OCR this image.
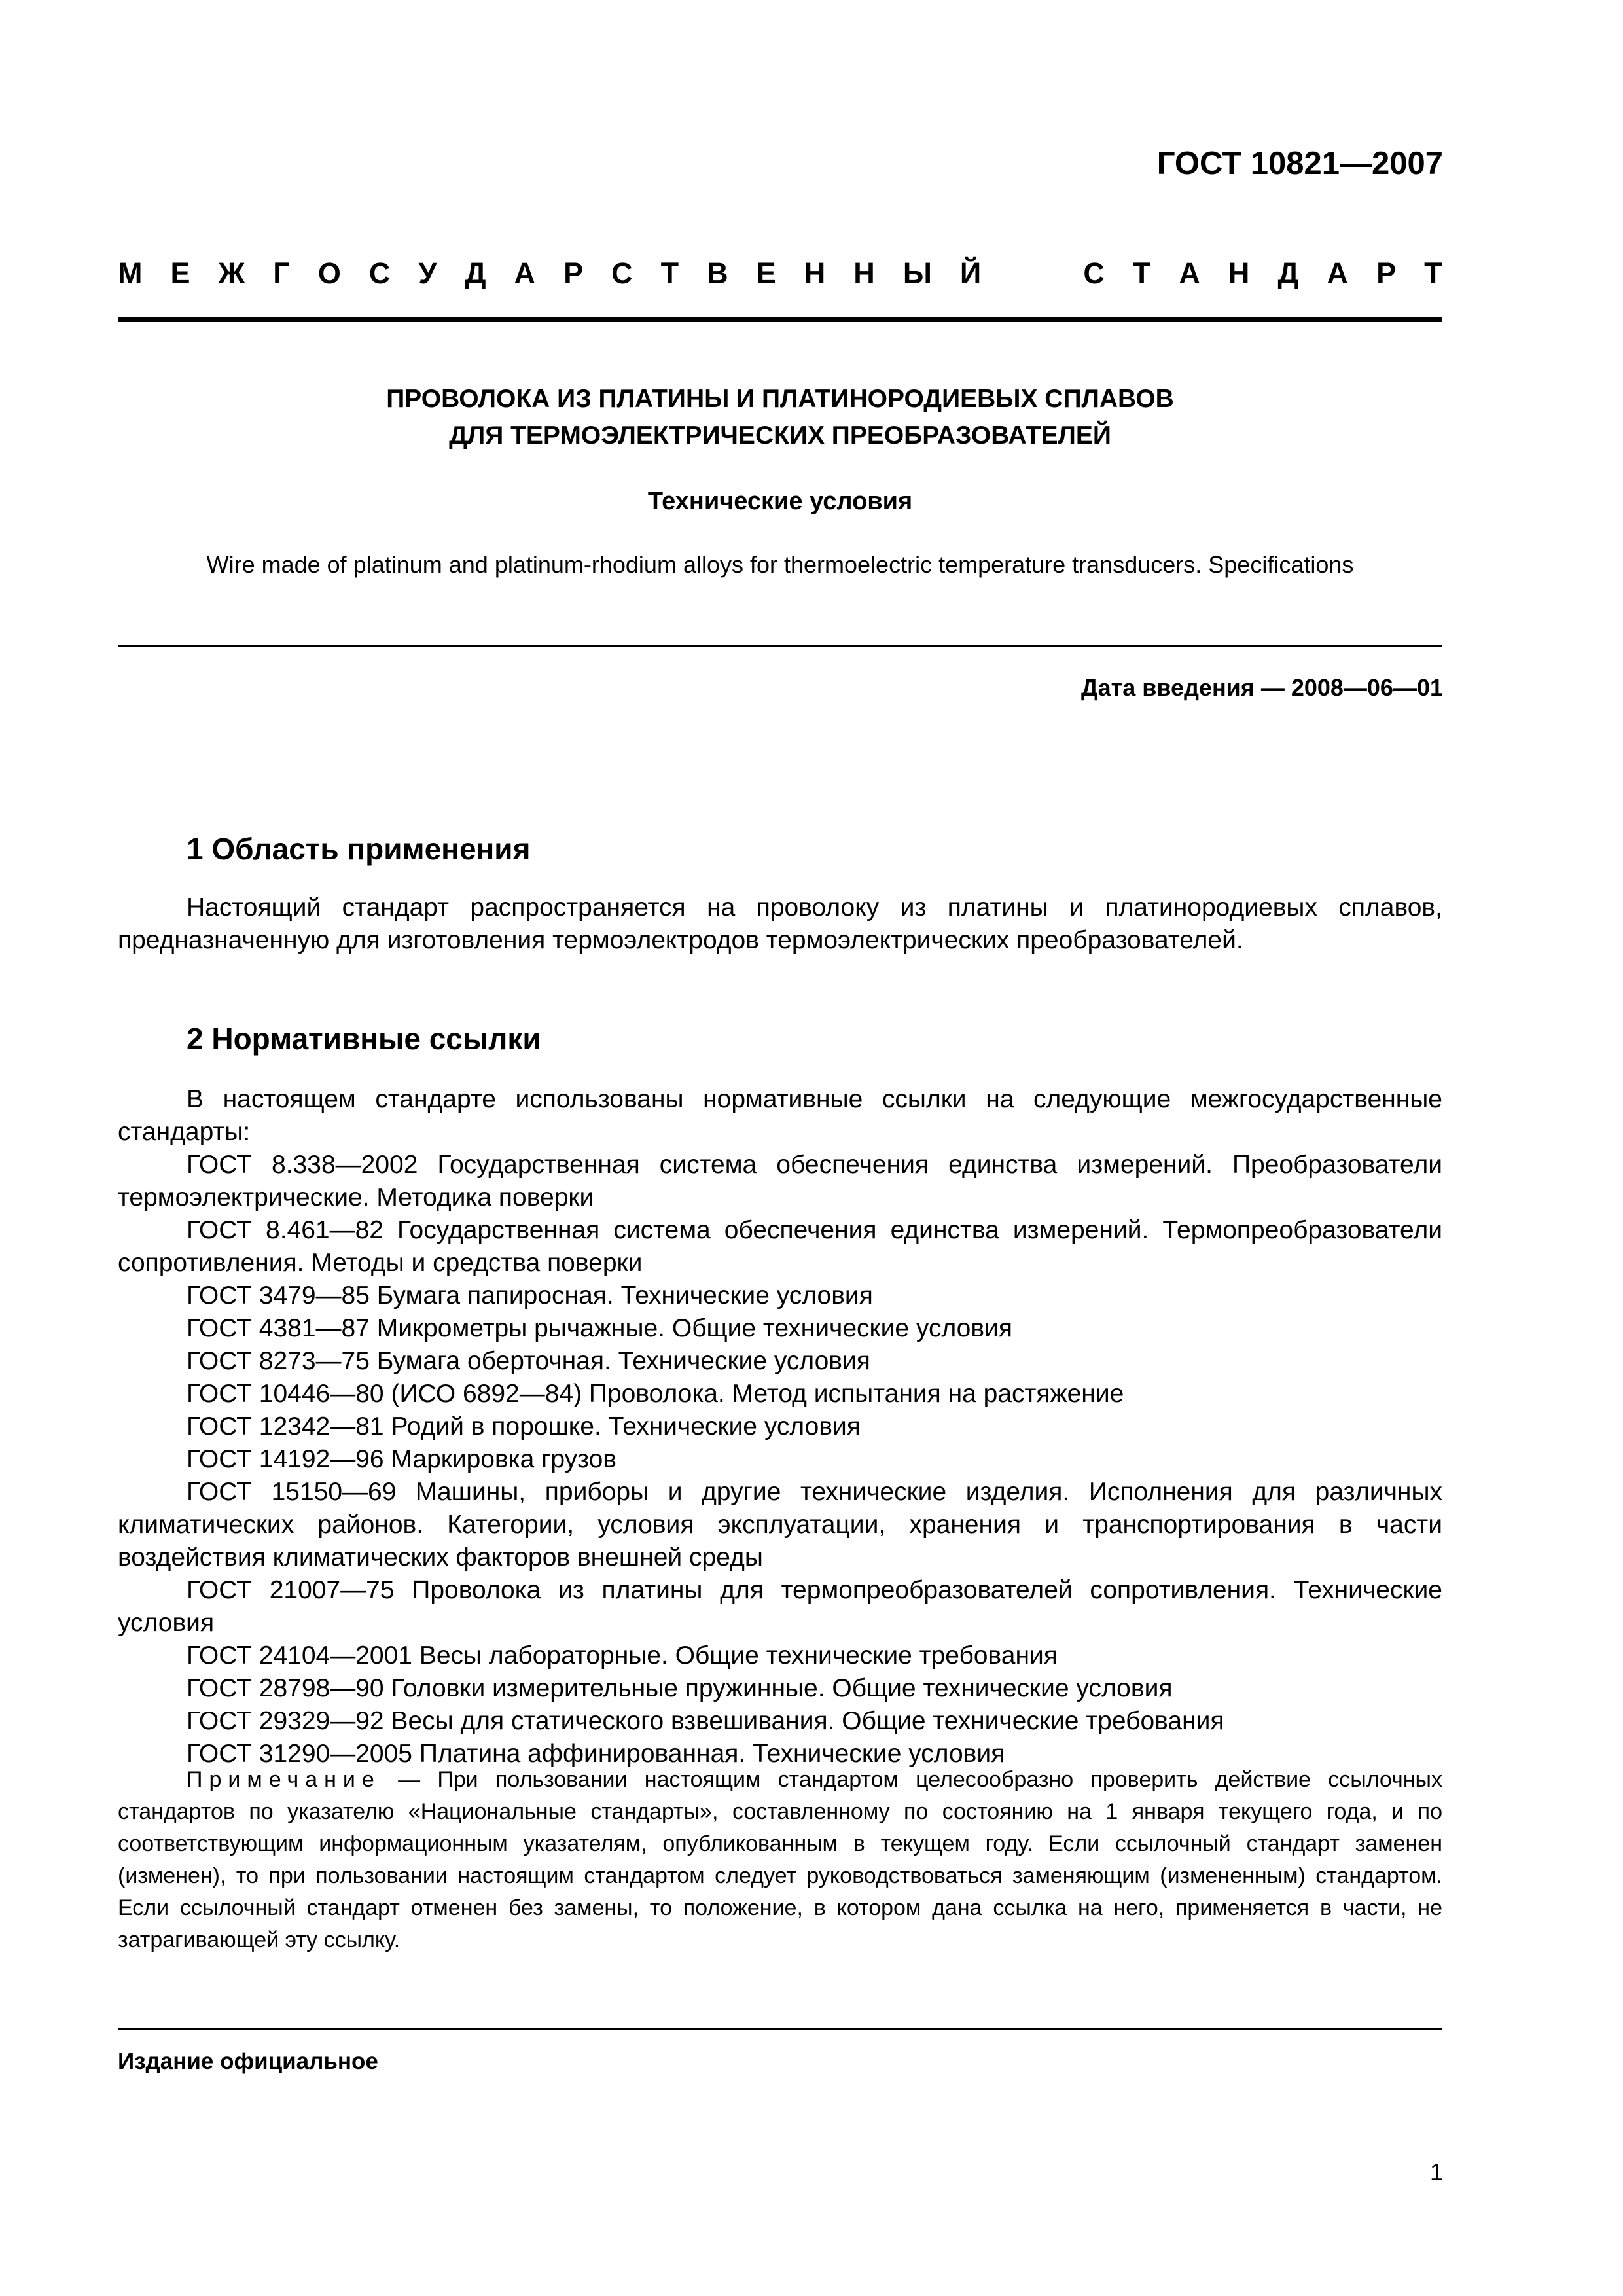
ГОСТ 10821—2007
М Е Ж Г О С У Д А Р С Т В Е Н Н Ы Й	С Т А Н Д А Р Т
ПРОВОЛОКА ИЗ ПЛАТИНЫ И ПЛАТИНОРОДИЕВЫХ СПЛАВОВ
ДЛЯ ТЕРМОЭЛЕКТРИЧЕСКИХ ПРЕОБРАЗОВАТЕЛЕЙ
Технические условия
Wire made of platinum and platinum-rhodium alloys for thermoelectric temperature transducers. Specifications
Дата введения — 2008—06—01
1 Область применения

Настоящий стандарт распространяется на проволоку из платины и платинородиевых сплавов, предназначенную для изготовления термоэлектродов термоэлектрических преобразователей.

2 Нормативные ссылки

В настоящем стандарте использованы нормативные ссылки на следующие межгосударственные стандарты:

ГОСТ 8.338—2002 Государственная система обеспечения единства измерений. Преобразователи термоэлектрические. Методика поверки

ГОСТ 8.461—82 Государственная система обеспечения единства измерений. Термопреобразователи сопротивления. Методы и средства поверки

ГОСТ 3479—85 Бумага папиросная. Технические условия

ГОСТ 4381—87 Микрометры рычажные. Общие технические условия

ГОСТ 8273—75 Бумага оберточная. Технические условия

ГОСТ 10446—80 (ИСО 6892—84) Проволока. Метод испытания на растяжение

ГОСТ 12342—81 Родий в порошке. Технические условия

ГОСТ 14192—96 Маркировка грузов

ГОСТ 15150—69 Машины, приборы и другие технические изделия. Исполнения для различных климатических районов. Категории, условия эксплуатации, хранения и транспортирования в части воздействия климатических факторов внешней среды

ГОСТ 21007—75 Проволока из платины для термопреобразователей сопротивления. Технические условия

ГОСТ 24104—2001 Весы лабораторные. Общие технические требования

ГОСТ 28798—90 Головки измерительные пружинные. Общие технические условия

ГОСТ 29329—92 Весы для статического взвешивания. Общие технические требования

ГОСТ 31290—2005 Платина аффинированная. Технические условия

Примечание — При пользовании настоящим стандартом целесообразно проверить действие ссылочных стандартов по указателю «Национальные стандарты», составленному по состоянию на 1 января текущего года, и по соответствующим информационным указателям, опубликованным в текущем году. Если ссылочный стандарт заменен (изменен), то при пользовании настоящим стандартом следует руководствоваться заменяющим (измененным) стандартом. Если ссылочный стандарт отменен без замены, то положение, в котором дана ссылка на него, применяется в части, не затрагивающей эту ссылку.

Издание официальное
1
